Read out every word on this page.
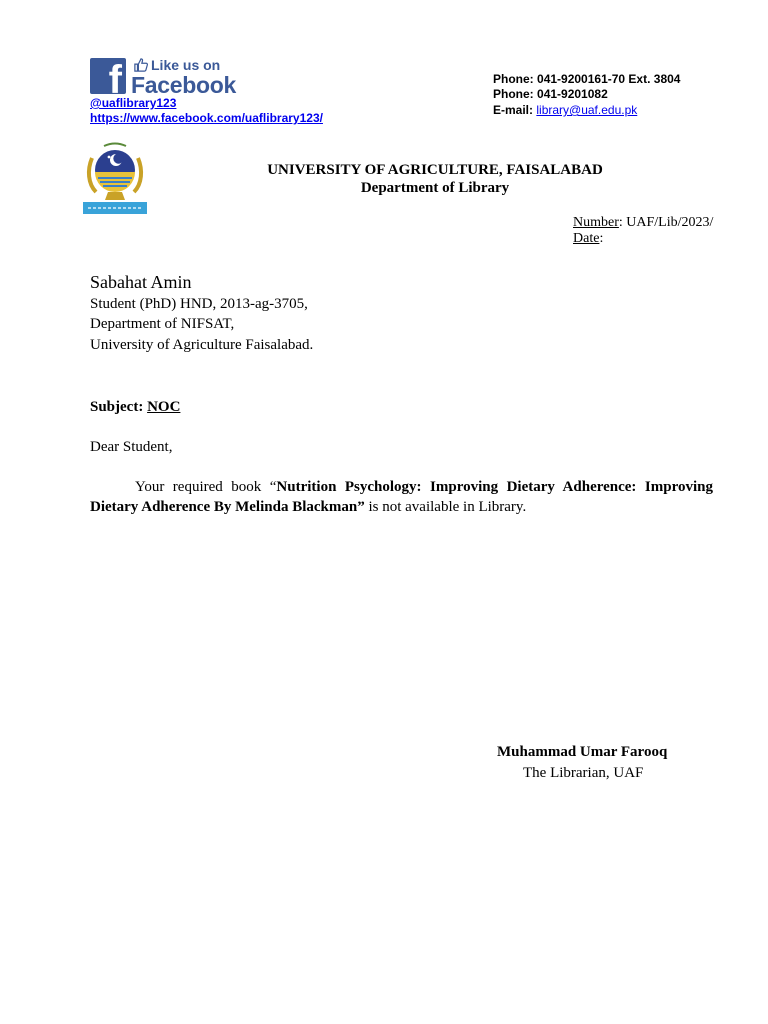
f Like us on
Facebook
@uaflibrary123
https://www.facebook.com/uaflibrary123/
Phone: 041-9200161-70 Ext. 3804
Phone: 041-9201082
E-mail: library@uaf.edu.pk
UNIVERSITY OF AGRICULTURE, FAISALABAD
Department of Library
Number: UAF/Lib/2023/
Date:
Sabahat Amin
Student (PhD) HND, 2013-ag-3705,
Department of NIFSAT,
University of Agriculture Faisalabad.
Subject: NOC
Dear Student,
Your required book “Nutrition Psychology: Improving Dietary Adherence: Improving Dietary Adherence By Melinda Blackman” is not available in Library.
Muhammad Umar Farooq
The Librarian, UAF
